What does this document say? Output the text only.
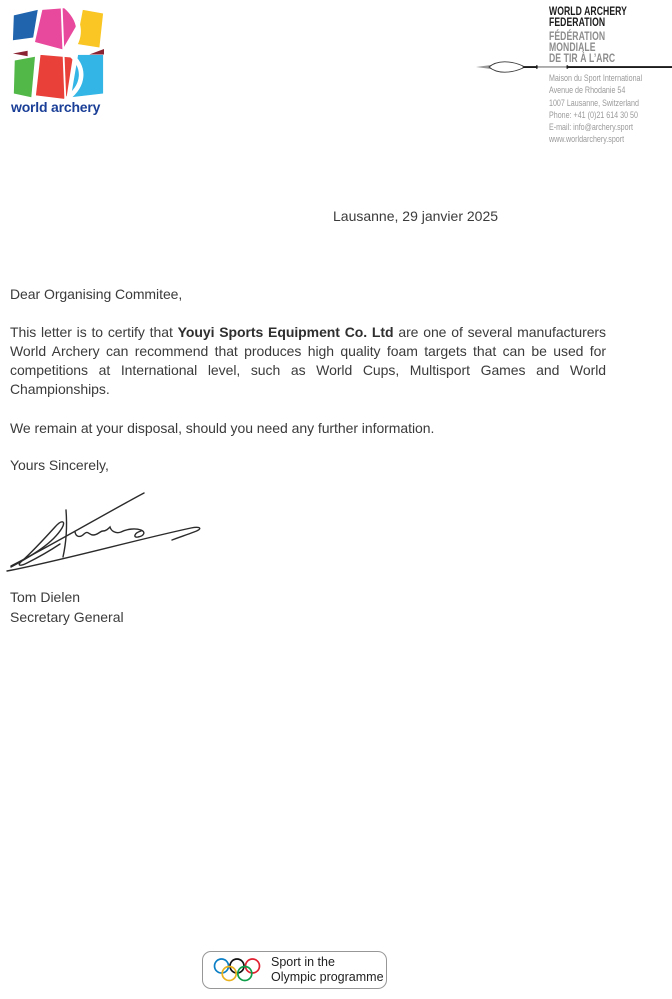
world archery
WORLD ARCHERY
FEDERATION
FÉDÉRATION
MONDIALE
DE TIR À L’ARC
Maison du Sport International
Avenue de Rhodanie 54
1007 Lausanne, Switzerland
Phone: +41 (0)21 614 30 50
E-mail: info@archery.sport
www.worldarchery.sport
Lausanne, 29 janvier 2025
Dear Organising Commitee,
This letter is to certify that Youyi Sports Equipment Co. Ltd are one of several manufacturers
World Archery can recommend that produces high quality foam targets that can be used for
competitions at International level, such as World Cups, Multisport Games and World
Championships.
We remain at your disposal, should you need any further information.
Yours Sincerely,
Tom Dielen
Secretary General
Sport in the
Olympic programme
